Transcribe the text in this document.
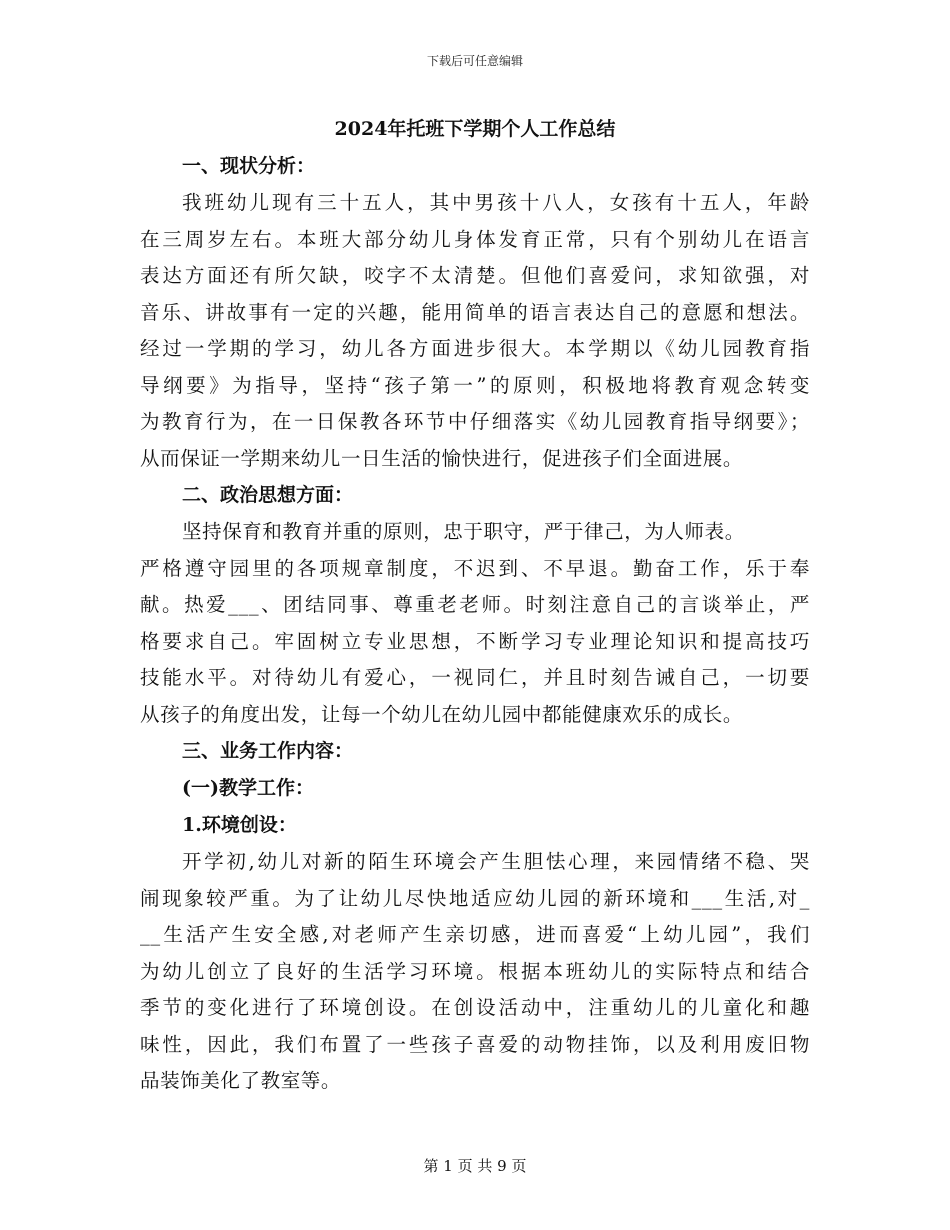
下载后可任意编辑
2024年托班下学期个人工作总结
一、现状分析：
我班幼儿现有三十五人，其中男孩十八人，女孩有十五人，年龄
在三周岁左右。本班大部分幼儿身体发育正常，只有个别幼儿在语言
表达方面还有所欠缺，咬字不太清楚。但他们喜爱问，求知欲强，对
音乐、讲故事有一定的兴趣，能用简单的语言表达自己的意愿和想法。
经过一学期的学习，幼儿各方面进步很大。本学期以《幼儿园教育指
导纲要》为指导，坚持“孩子第一”的原则，积极地将教育观念转变
为教育行为，在一日保教各环节中仔细落实《幼儿园教育指导纲要》；
从而保证一学期来幼儿一日生活的愉快进行，促进孩子们全面进展。
二、政治思想方面：
坚持保育和教育并重的原则，忠于职守，严于律己，为人师表。
严格遵守园里的各项规章制度，不迟到、不早退。勤奋工作，乐于奉
献。热爱___、团结同事、尊重老老师。时刻注意自己的言谈举止，严
格要求自己。牢固树立专业思想，不断学习专业理论知识和提高技巧
技能水平。对待幼儿有爱心，一视同仁，并且时刻告诫自己，一切要
从孩子的角度出发，让每一个幼儿在幼儿园中都能健康欢乐的成长。
三、业务工作内容：
(一)教学工作：
1.环境创设：
开学初,幼儿对新的陌生环境会产生胆怯心理，来园情绪不稳、哭
闹现象较严重。为了让幼儿尽快地适应幼儿园的新环境和___生活,对_
__生活产生安全感,对老师产生亲切感，进而喜爱“上幼儿园”，我们
为幼儿创立了良好的生活学习环境。根据本班幼儿的实际特点和结合
季节的变化进行了环境创设。在创设活动中，注重幼儿的儿童化和趣
味性，因此，我们布置了一些孩子喜爱的动物挂饰，以及利用废旧物
品装饰美化了教室等。
第 1 页 共 9 页
